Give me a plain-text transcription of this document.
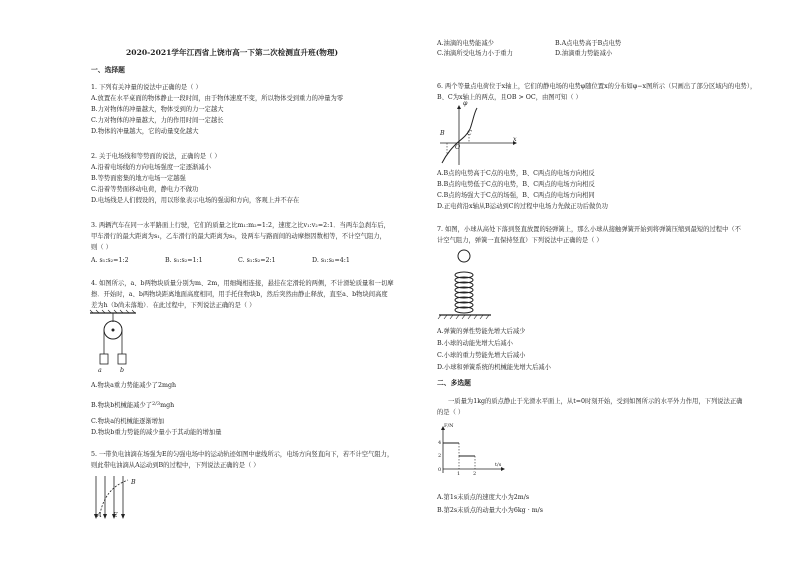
2020-2021学年江西省上饶市高一下第二次检测直升班(物理)
一、选择题
1. 下列有关冲量的说法中正确的是（ ）
A.放置在水平桌面的物体静止一段时间，由于物体速度不变，所以物体受到重力的冲量为零
B.力对物体的冲量越大，物体受到的力一定越大
C.力对物体的冲量越大，力的作用时间一定越长
D.物体的冲量越大，它的动量变化越大
2. 关于电场线和等势面的说法，正确的是（ ）
A.沿着电场线的方向电场强度一定逐渐减小
B.等势面密集的地方电场一定越强
C.沿着等势面移动电荷，静电力不做功
D.电场线是人们假设的，用以形象表示电场的强弱和方向，客观上并不存在
3. 两辆汽车在同一水平路面上行驶，它们的质量之比m₁:m₂=1:2，速度之比v₁:v₂=2:1．当两车急刹车后，
甲车滑行的最大距离为s₁，乙车滑行的最大距离为s₂，设两车与路面间的动摩擦因数相等，不计空气阻力，
则（ ）
A. s₁:s₂=1:2	B. s₁:s₂=1:1	C. s₁:s₂=2:1	D. s₁:s₂=4:1
4. 如图所示，a、b两物块质量分别为m、2m，用细绳相连接，悬挂在定滑轮的两侧，不计滑轮质量和一切摩
擦．开始时，a、b两物块距离地面高度相同，用手托住物块b，然后突然由静止释放，直至a、b物块间高度
差为h（b尚未落地）．在此过程中，下列说法正确的是（ ）
a	b
A.物块a重力势能减少了2mgh
B.物块b机械能减少了$^{2/3}$mgh
C.物块a的机械能逐渐增加
D.物块b重力势能的减少量小于其动能的增加量
5. 一带负电油滴在场强为E的匀强电场中的运动轨迹如图中虚线所示，电场方向竖直向下，若不计空气阻力，
则此带电油滴从A运动到B的过程中，下列说法正确的是（ ）
A
B
E
A.油滴的电势能减少	B.A点电势高于B点电势
C.油滴所受电场力小于重力	D.油滴重力势能减小
6. 两个等量点电荷位于x轴上，它们的静电场的电势φ随位置x的分布如φ−x图所示（只画出了部分区域内的电势），
B、C为x轴上的两点，且OB > OC，由图可知（ ）
φ
x
B	C
O
A.B点的电势高于C点的电势，B、C两点的电场方向相反
B.B点的电势低于C点的电势，B、C两点的电场方向相反
C.B点的场强大于C点的场强，B、C两点的电场方向相同
D.正电荷沿x轴从B运动到C的过程中电场力先做正功后做负功
7. 如图，小球从高处下落到竖直放置的轻弹簧上，那么小球从接触弹簧开始到将弹簧压缩到最短的过程中（不
计空气阻力，弹簧一直保持竖直）下列说法中正确的是（ ）
A.弹簧的弹性势能先增大后减少
B.小球的动能先增大后减小
C.小球的重力势能先增大后减小
D.小球和弹簧系统的机械能先增大后减小
二、多选题
一质量为1kg的质点静止于光滑水平面上，从t=0时刻开始，受到如图所示的水平外力作用，下列说法正确
的是（ ）
F/N
t/s
4
2
0
1	2
A.第1s末质点的速度大小为2m/s
B.第2s末质点的动量大小为6kg · m/s
